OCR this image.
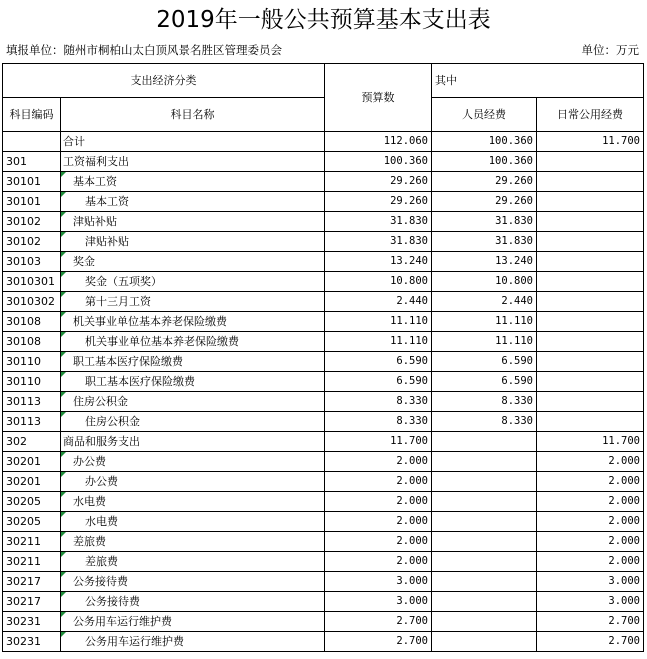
2019年一般公共预算基本支出表
填报单位：随州市桐柏山太白顶风景名胜区管理委员会	单位：万元
支出经济分类		预算数	其中	
科目编码	科目名称		人员经费	日常公用经费
	合计	112.060	100.360	11.700
301	工资福利支出	100.360	100.360	
30101	基本工资	29.260	29.260	
30101	基本工资	29.260	29.260	
30102	津贴补贴	31.830	31.830	
30102	津贴补贴	31.830	31.830	
30103	奖金	13.240	13.240	
3010301	奖金（五项奖）	10.800	10.800	
3010302	第十三月工资	2.440	2.440	
30108	机关事业单位基本养老保险缴费	11.110	11.110	
30108	机关事业单位基本养老保险缴费	11.110	11.110	
30110	职工基本医疗保险缴费	6.590	6.590	
30110	职工基本医疗保险缴费	6.590	6.590	
30113	住房公积金	8.330	8.330	
30113	住房公积金	8.330	8.330	
302	商品和服务支出	11.700		11.700
30201	办公费	2.000		2.000
30201	办公费	2.000		2.000
30205	水电费	2.000		2.000
30205	水电费	2.000		2.000
30211	差旅费	2.000		2.000
30211	差旅费	2.000		2.000
30217	公务接待费	3.000		3.000
30217	公务接待费	3.000		3.000
30231	公务用车运行维护费	2.700		2.700
30231	公务用车运行维护费	2.700		2.700
